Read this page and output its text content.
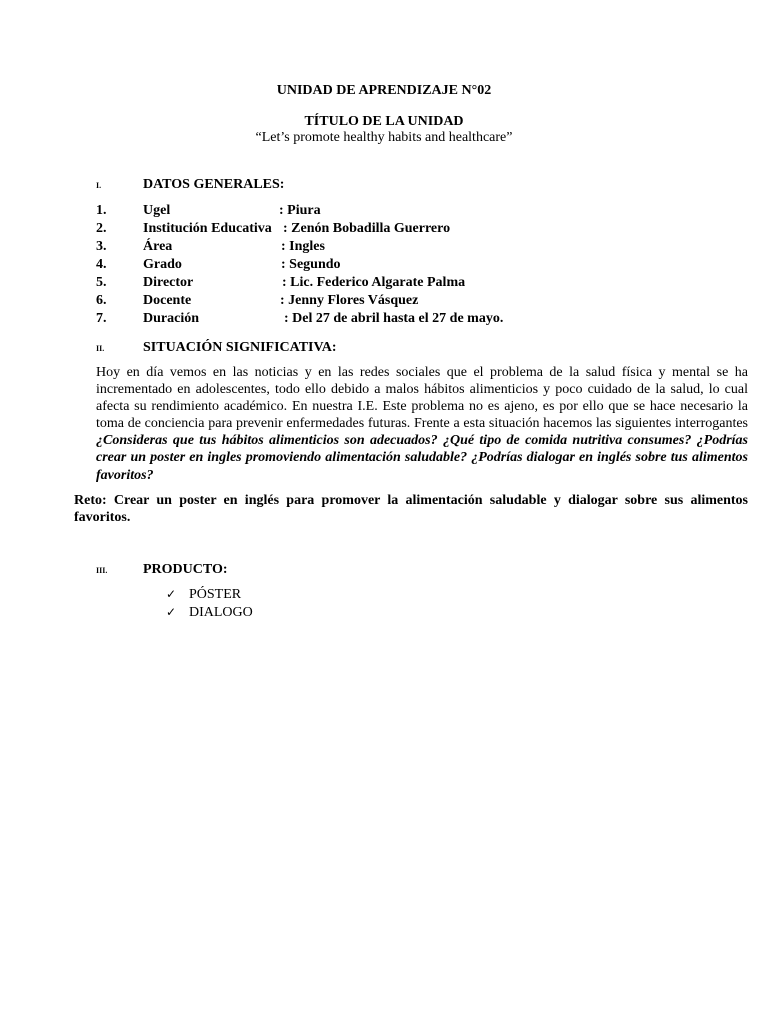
UNIDAD DE APRENDIZAJE N°02
TÍTULO DE LA UNIDAD
“Let’s promote healthy habits and healthcare”
I.	DATOS GENERALES:
1.	Ugel	: Piura
2.	Institución Educativa : Zenón Bobadilla Guerrero
3.	Área	: Ingles
4.	Grado	: Segundo
5.	Director	: Lic. Federico Algarate Palma
6.	Docente	: Jenny Flores Vásquez
7.	Duración	: Del 27 de abril hasta el 27 de mayo.
II.	SITUACIÓN SIGNIFICATIVA:
Hoy en día vemos en las noticias y en las redes sociales que el problema de la salud física y mental se ha incrementado en adolescentes, todo ello debido a malos hábitos alimenticios y poco cuidado de la salud, lo cual afecta su rendimiento académico. En nuestra I.E. Este problema no es ajeno, es por ello que se hace necesario la toma de conciencia para prevenir enfermedades futuras. Frente a esta situación hacemos las siguientes interrogantes ¿Consideras que tus hábitos alimenticios son adecuados? ¿Qué tipo de comida nutritiva consumes? ¿Podrías crear un poster en ingles promoviendo alimentación saludable? ¿Podrías dialogar en inglés sobre tus alimentos favoritos?
Reto: Crear un poster en inglés para promover la alimentación saludable y dialogar sobre sus alimentos favoritos.
III.	PRODUCTO:
✓ PÓSTER
✓ DIALOGO
